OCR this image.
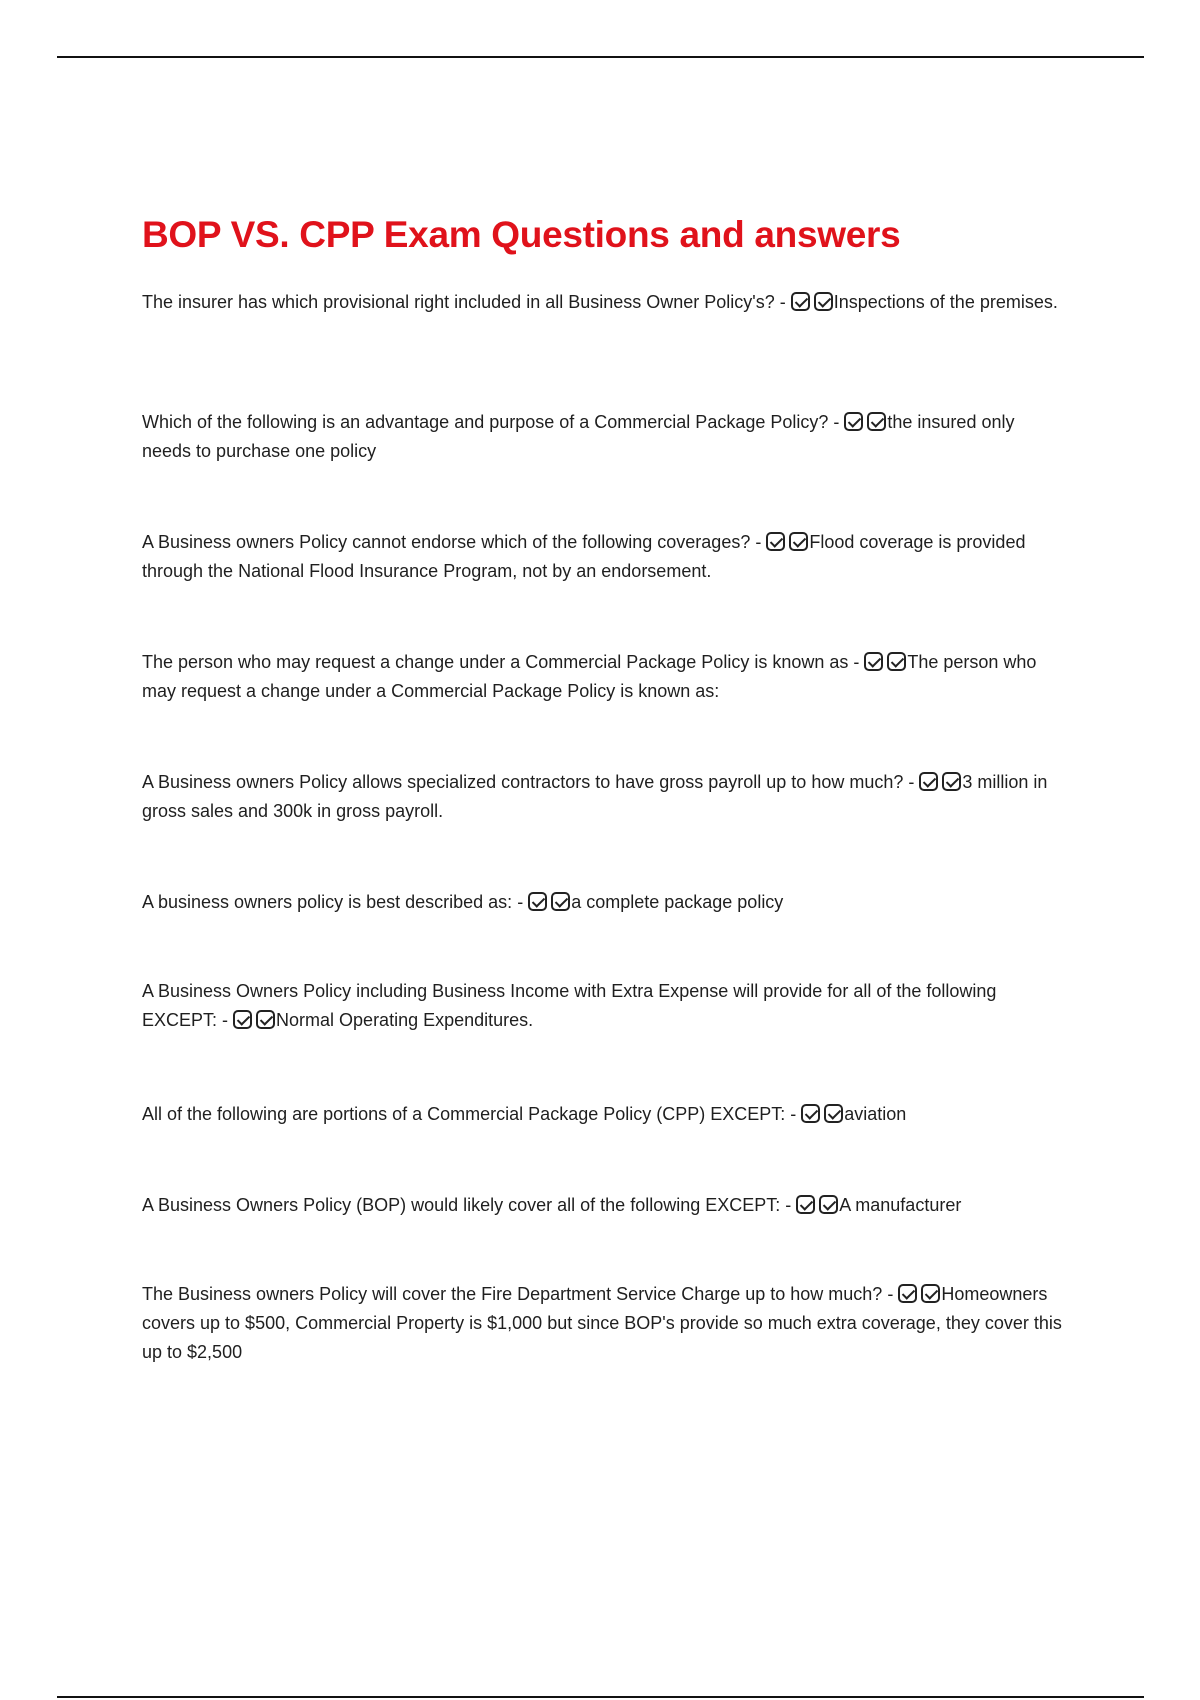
BOP VS. CPP Exam Questions and answers

The insurer has which provisional right included in all Business Owner Policy's? - Inspections of the premises.

Which of the following is an advantage and purpose of a Commercial Package Policy? - the insured only needs to purchase one policy

A Business owners Policy cannot endorse which of the following coverages? - Flood coverage is provided through the National Flood Insurance Program, not by an endorsement.

The person who may request a change under a Commercial Package Policy is known as - The person who may request a change under a Commercial Package Policy is known as:

A Business owners Policy allows specialized contractors to have gross payroll up to how much? - 3 million in gross sales and 300k in gross payroll.

A business owners policy is best described as: - a complete package policy

A Business Owners Policy including Business Income with Extra Expense will provide for all of the following EXCEPT: - Normal Operating Expenditures.

All of the following are portions of a Commercial Package Policy (CPP) EXCEPT: - aviation

A Business Owners Policy (BOP) would likely cover all of the following EXCEPT: - A manufacturer

The Business owners Policy will cover the Fire Department Service Charge up to how much? - Homeowners covers up to $500, Commercial Property is $1,000 but since BOP's provide so much extra coverage, they cover this up to $2,500
